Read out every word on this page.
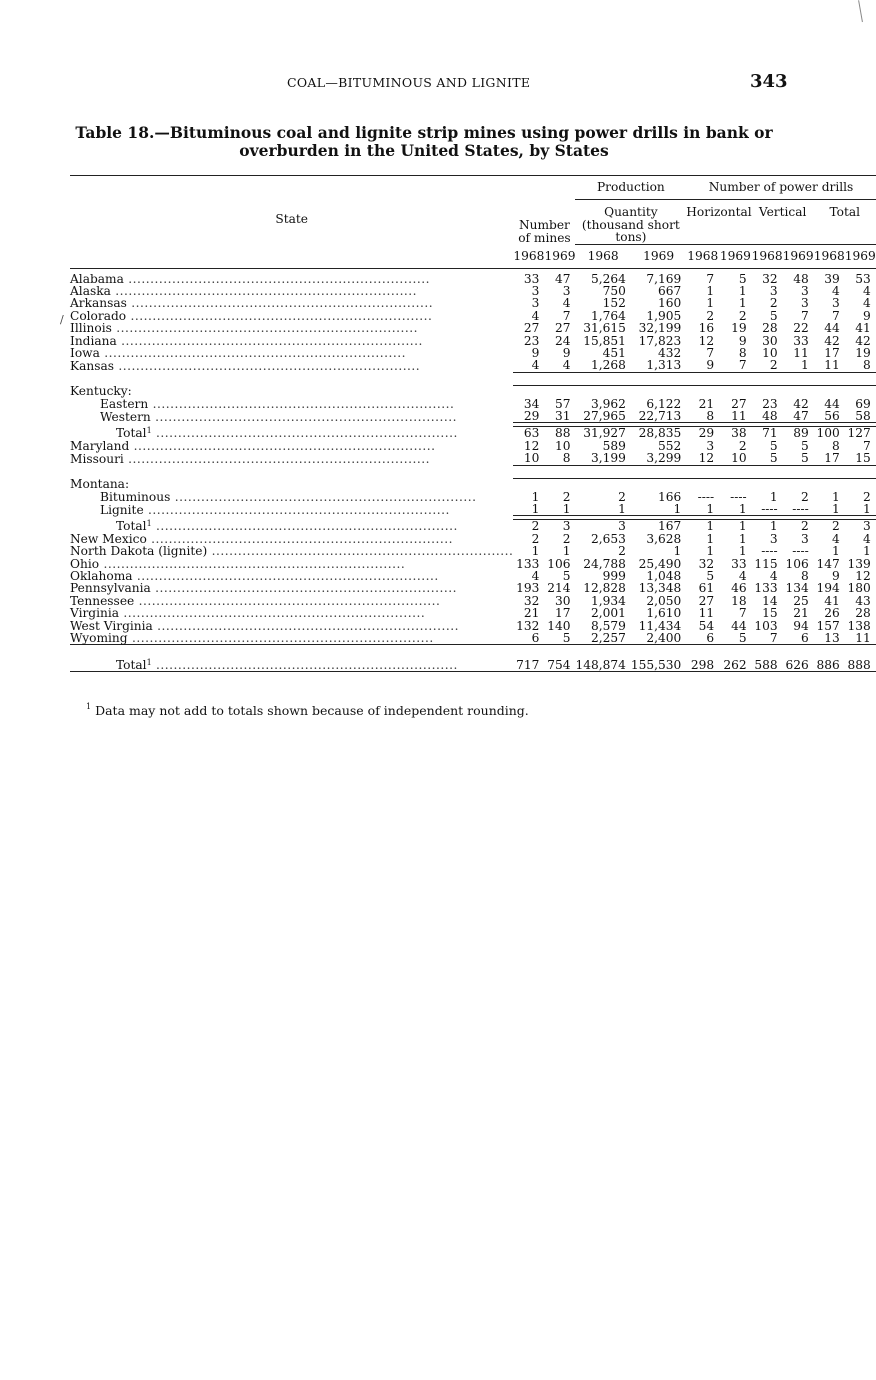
COAL—BITUMINOUS AND LIGNITE	343
Table 18.—Bituminous coal and lignite strip mines using power drills in bank or
overburden in the United States, by States
/
State	Number
of mines		Production		Number of power drills					

			Quantity
(thousand short tons)		Horizontal		Vertical		Total	
	1968	1969	1968	1969	1968	1969	1968	1969	1968	1969

Alabama .....	33	47	5,264	7,169	7	5	32	48	39	53
Alaska .....	3	3	750	667	1	1	3	3	4	4
Arkansas .....	3	4	152	160	1	1	2	3	3	4
Colorado .....	4	7	1,764	1,905	2	2	5	7	7	9
Illinois .....	27	27	31,615	32,199	16	19	28	22	44	41
Indiana .....	23	24	15,851	17,823	12	9	30	33	42	42
Iowa .....	9	9	451	432	7	8	10	11	17	19
Kansas .....	4	4	1,268	1,313	9	7	2	1	11	8

Kentucky:										
Eastern .....	34	57	3,962	6,122	21	27	23	42	44	69
Western .....	29	31	27,965	22,713	8	11	48	47	56	58

Total$^1$ .....	63	88	31,927	28,835	29	38	71	89	100	127
Maryland .....	12	10	589	552	3	2	5	5	8	7
Missouri .....	10	8	3,199	3,299	12	10	5	5	17	15

Montana:										
Bituminous .....	1	2	2	166	----	----	1	2	1	2
Lignite .....	1	1	1	1	1	1	----	----	1	1

Total$^1$ .....	2	3	3	167	1	1	1	2	2	3
New Mexico .....	2	2	2,653	3,628	1	1	3	3	4	4
North Dakota (lignite) .....	1	1	2	1	1	1	----	----	1	1
Ohio .....	133	106	24,788	25,490	32	33	115	106	147	139
Oklahoma .....	4	5	999	1,048	5	4	4	8	9	12
Pennsylvania .....	193	214	12,828	13,348	61	46	133	134	194	180
Tennessee .....	32	30	1,934	2,050	27	18	14	25	41	43
Virginia .....	21	17	2,001	1,610	11	7	15	21	26	28
West Virginia .....	132	140	8,579	11,434	54	44	103	94	157	138
Wyoming .....	6	5	2,257	2,400	6	5	7	6	13	11

Total$^1$ .....	717	754	148,874	155,530	298	262	588	626	886	888

$^1$ Data may not add to totals shown because of independent rounding.
